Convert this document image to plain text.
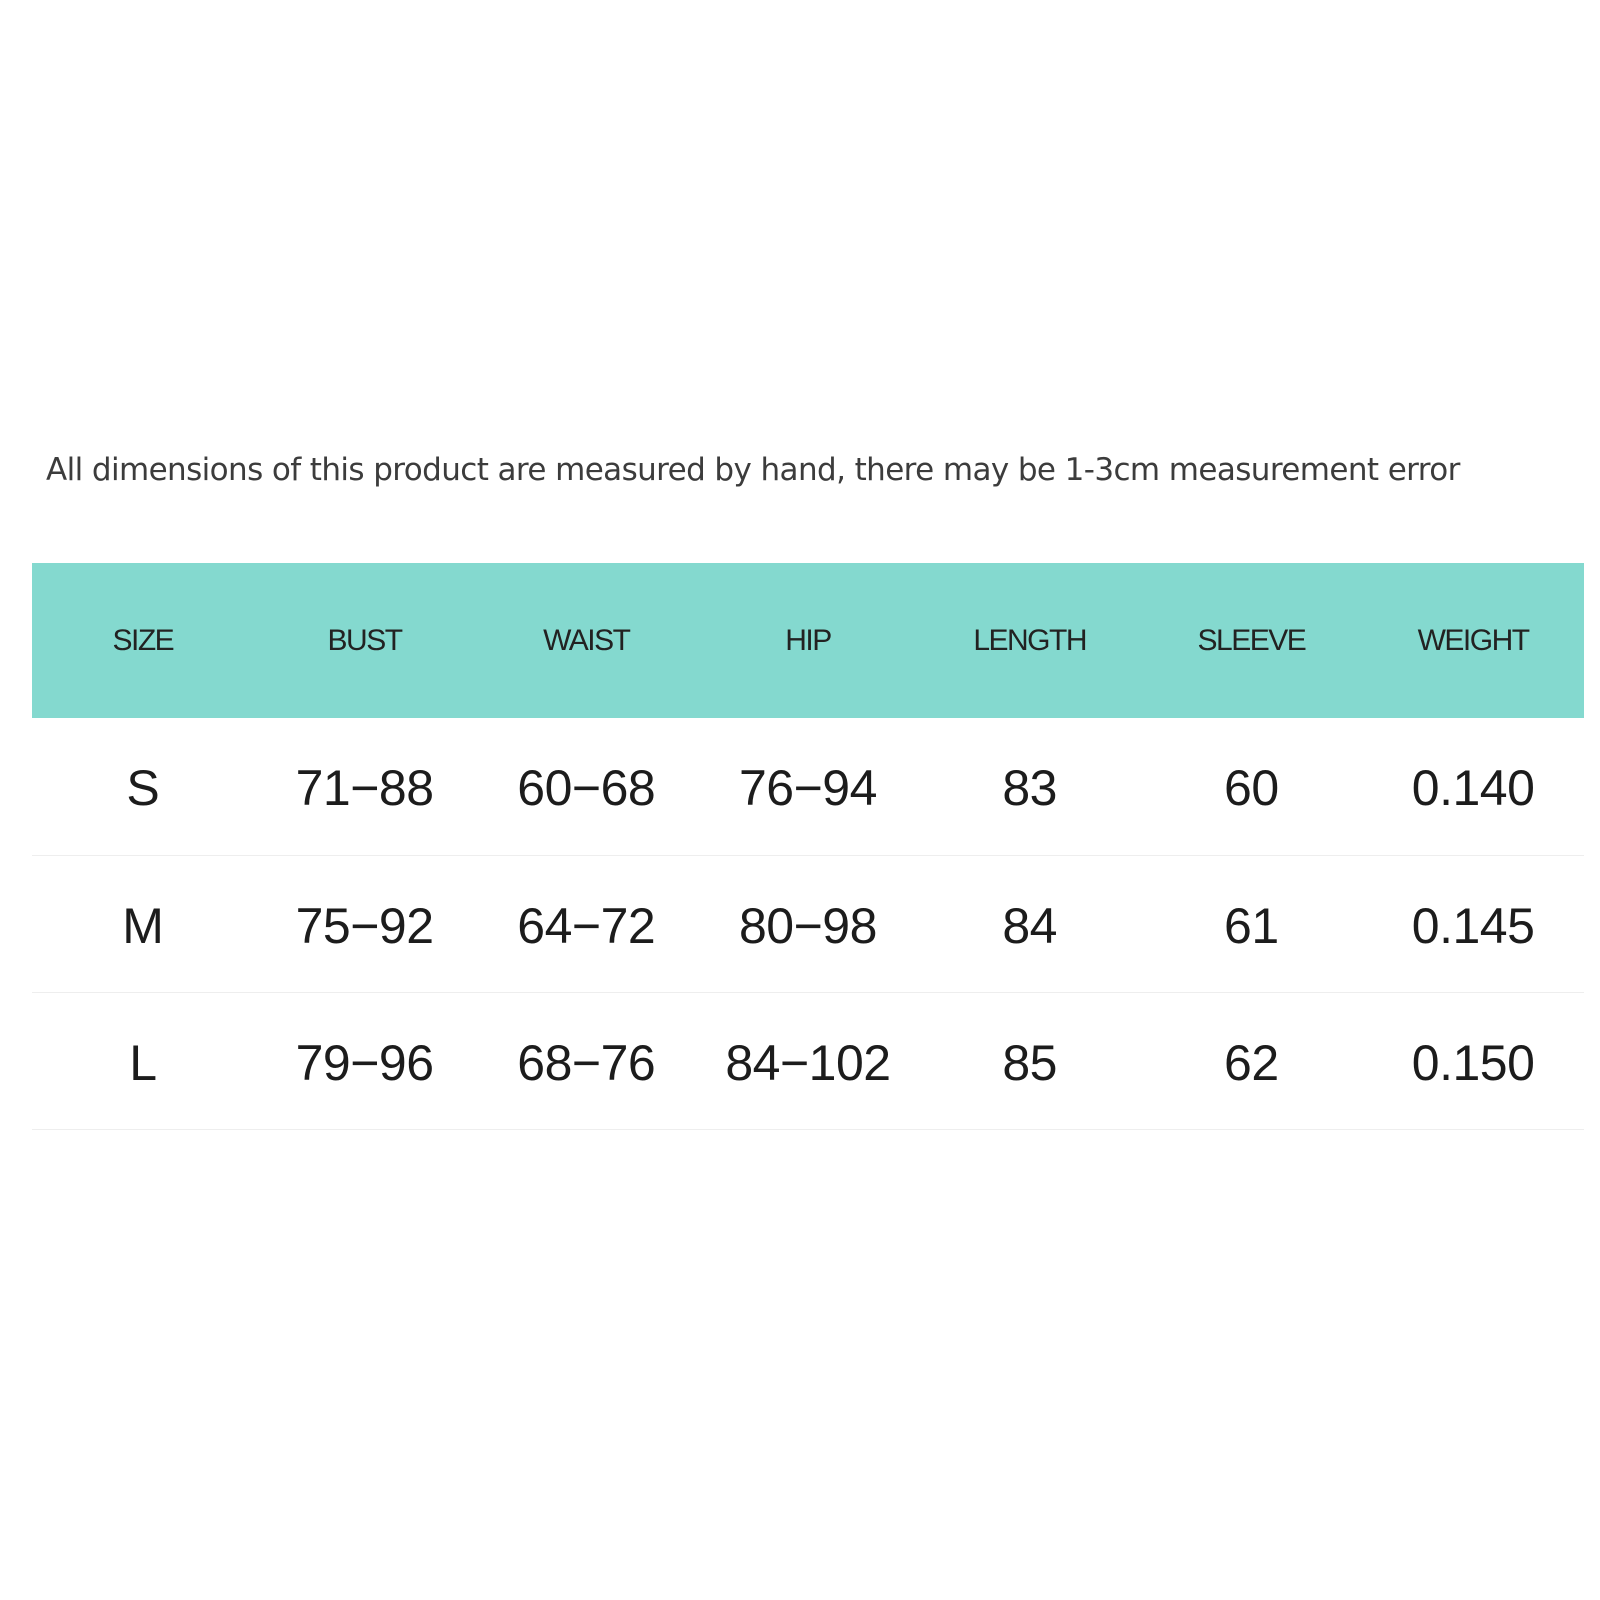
All dimensions of this product are measured by hand, there may be 1-3cm measurement error

SIZE	BUST	WAIST	HIP	LENGTH	SLEEVE	WEIGHT
S	71−88	60−68	76−94	83	60	0.140
M	75−92	64−72	80−98	84	61	0.145
L	79−96	68−76	84−102	85	62	0.150
